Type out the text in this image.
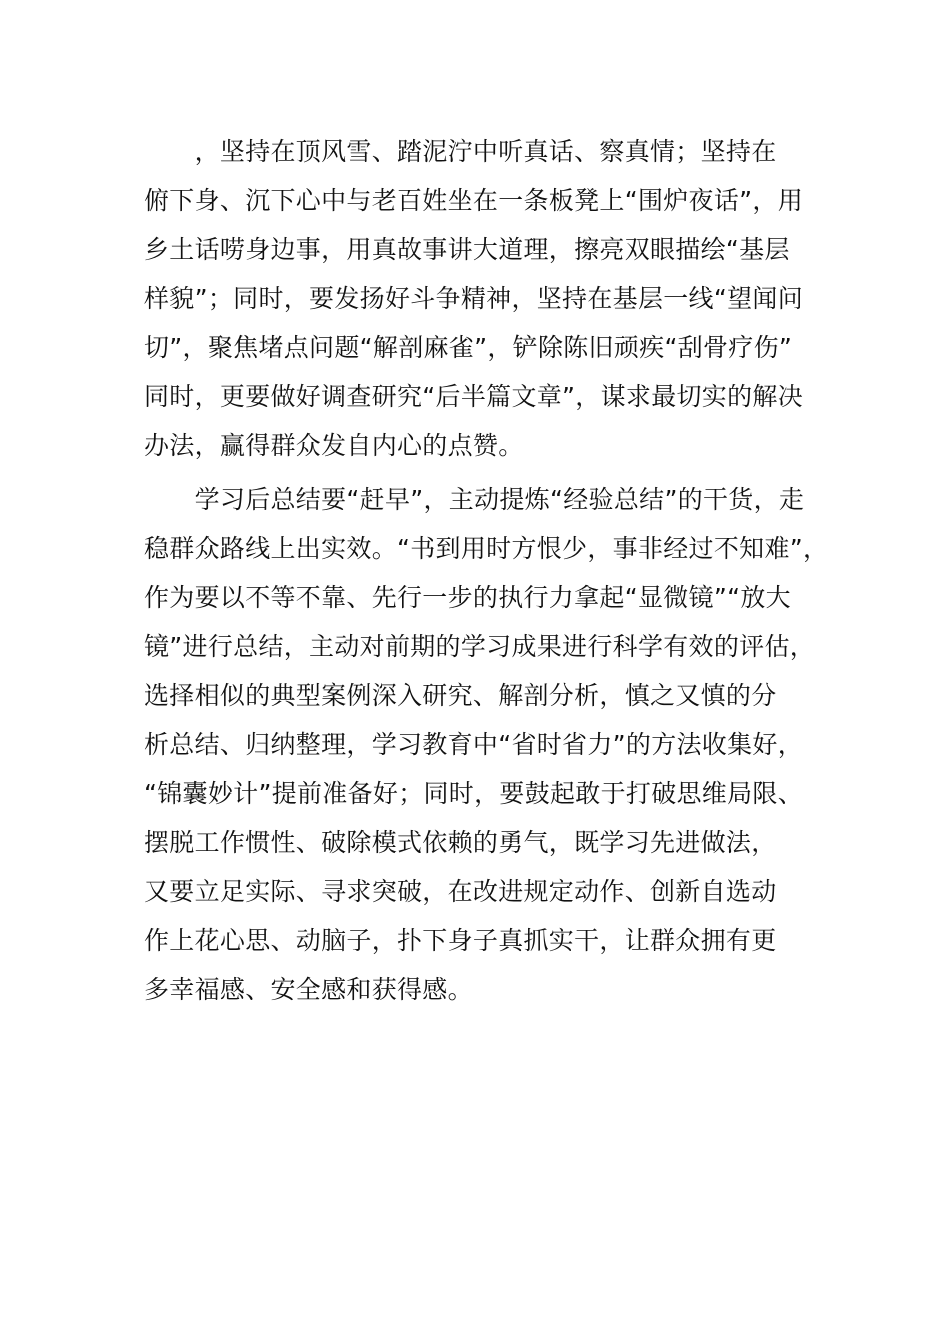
　　，坚持在顶风雪、踏泥泞中听真话、察真情；坚持在
俯下身、沉下心中与老百姓坐在一条板凳上“围炉夜话”，用
乡土话唠身边事，用真故事讲大道理，擦亮双眼描绘“基层
样貌”；同时，要发扬好斗争精神，坚持在基层一线“望闻问
切”，聚焦堵点问题“解剖麻雀”，铲除陈旧顽疾“刮骨疗伤”
同时，更要做好调查研究“后半篇文章”，谋求最切实的解决
办法，赢得群众发自内心的点赞。
　　学习后总结要“赶早”，主动提炼“经验总结”的干货，走
稳群众路线上出实效。“书到用时方恨少，事非经过不知难”，
作为要以不等不靠、先行一步的执行力拿起“显微镜”“放大
镜”进行总结，主动对前期的学习成果进行科学有效的评估，
选择相似的典型案例深入研究、解剖分析，慎之又慎的分
析总结、归纳整理，学习教育中“省时省力”的方法收集好，
“锦囊妙计”提前准备好；同时，要鼓起敢于打破思维局限、
摆脱工作惯性、破除模式依赖的勇气，既学习先进做法，
又要立足实际、寻求突破，在改进规定动作、创新自选动
作上花心思、动脑子，扑下身子真抓实干，让群众拥有更
多幸福感、安全感和获得感。
